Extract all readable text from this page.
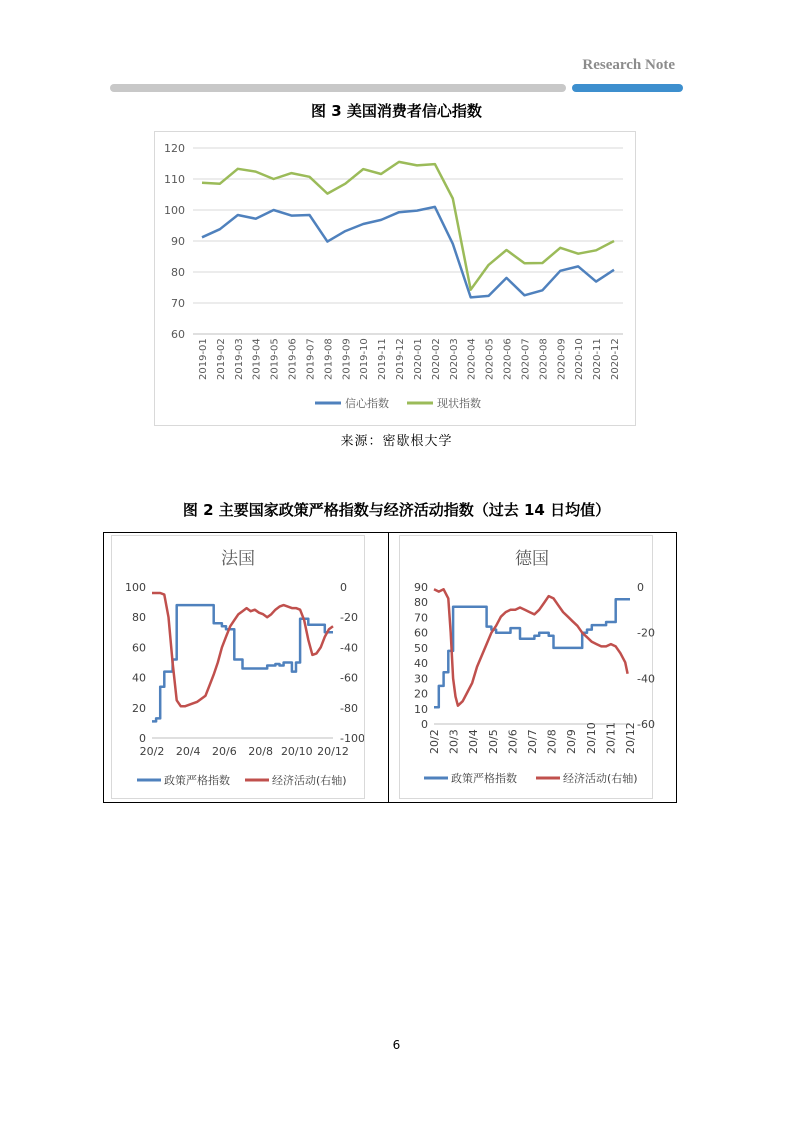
Research Note
图 3 美国消费者信心指数
120
110
100
90
80
70
60
2019-01 2019-02 2019-03 2019-04 2019-05 2019-06 2019-07 2019-08 2019-09 2019-10 2019-11 2019-12 2020-01 2020-02 2020-03 2020-04 2020-05 2020-06 2020-07 2020-08 2020-09 2020-10 2020-11 2020-12
信心指数	现状指数
来源：密歇根大学
图 2 主要国家政策严格指数与经济活动指数（过去 14 日均值）
法国
100
80
60
40
20
0
0
-20
-40
-60
-80
-100
20/2 20/4 20/6 20/8 20/10 20/12
政策严格指数	经济活动(右轴)
德国
90
80
70
60
50
40
30
20
10
0
0
-20
-40
-60
20/2 20/3 20/4 20/5 20/6 20/7 20/8 20/9 20/10 20/11 20/12
政策严格指数	经济活动(右轴)
6
